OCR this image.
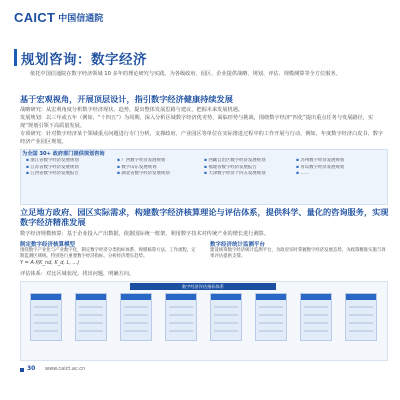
CAICT 中国信通院
规划咨询：数字经济
依托中国信通院在数字经济领域 10 多年的理论研究与实践，为各级政府、园区、企业提供战略、规划、评估、规模测算等全方位服务。
基于宏观视角，开展顶层设计，指引数字经济健康持续发展
战略研究：从宏观角度分析数字经济现状、趋势，提出整体发展思路与建议，把握未来发展机遇。
发展规划：以三年或五年（例如，“十四五”）为周期，深入分析区域数字经济优劣势、面临形势与挑战，围绕数字经济“四化”提出重点任务与发展路径，实现“规划引领下高质量发展。
专项研究：针对数字经济某个领域重点问题进行专门分析，支撑政府、产业园区等单位在实际推进过程中的工作开展与行动，例如，年度数字经济白皮书、数字经济产业园区规划。
为全国 30+ 政府部门提供规划咨询
▪ 浙江省数字经济发展规划
▪ 江苏省数字经济发展规划
▪ 江西省数字经济发展报告
▪ 广西数字经济发展规划
▪ 数字山东发展规划
▪ 湖北省数字经济发展规划
▪ 西藏自治区数字经济发展规划
▪ 福建省数字经济发展报告
▪ 天津数字经济十四五发展规划
▪ 苏州数字经济发展规划
▪ 青岛数字经济发展规划
▪ ……
立足地方政府、园区实际需求，构建数字经济核算理论与评估体系，提供科学、量化的咨询服务，实现数字经济精准发展
数字经济规模核算：基于企业投入产出数据，依据国际统一框架，利用数字技术对传统产业的增长进行测算。
制定数字经济核算模型
围绕数字产业化与产业数字化，制定数字经济分类指标体系、规模核算方法、工作流程，定期监测区域统，特别进行重要数字经济指标，分析经济增长趋势。
Y = A·f(K_nd, K_d, L, ...)
数字经济统计监测平台
建设统筹数字经济统计监测平台，为政府实时掌握数字经济发展态势、为政策精准实施与效果评估提供支撑。
评估体系：对比区域状况，找出问题，明确方向。
数字经济评估指标体系
30 www.caict.ac.cn
